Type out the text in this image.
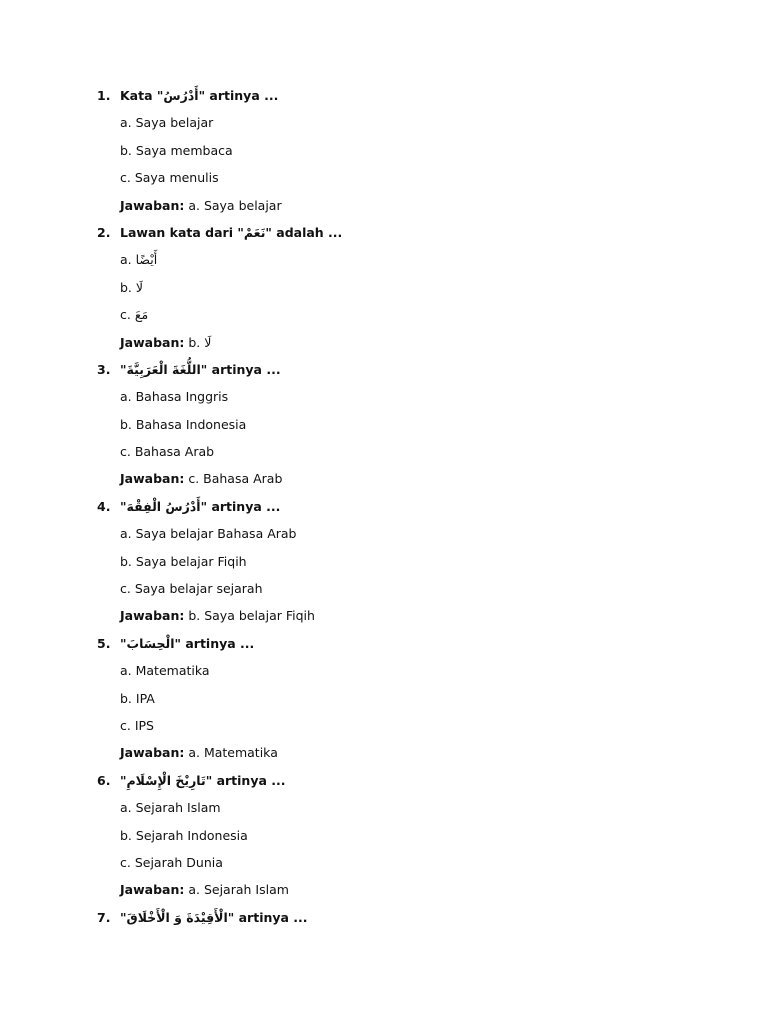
1. Kata "أَدْرُسُ" artinya ...
a. Saya belajar
b. Saya membaca
c. Saya menulis
Jawaban: a. Saya belajar
2. Lawan kata dari "نَعَمْ" adalah ...
a. أَيْضًا
b. لَا
c. مَعَ
Jawaban: b. لَا
3. "اللُّغَةَ الْعَرَبِيَّةَ" artinya ...
a. Bahasa Inggris
b. Bahasa Indonesia
c. Bahasa Arab
Jawaban: c. Bahasa Arab
4. "أَدْرُسُ الْفِقْهَ" artinya ...
a. Saya belajar Bahasa Arab
b. Saya belajar Fiqih
c. Saya belajar sejarah
Jawaban: b. Saya belajar Fiqih
5. "الْحِسَابَ" artinya ...
a. Matematika
b. IPA
c. IPS
Jawaban: a. Matematika
6. "تَارِيْخَ الْإِسْلَامِ" artinya ...
a. Sejarah Islam
b. Sejarah Indonesia
c. Sejarah Dunia
Jawaban: a. Sejarah Islam
7. "الْأَقِيْدَةَ وَ الْأَخْلَاقَ" artinya ...
